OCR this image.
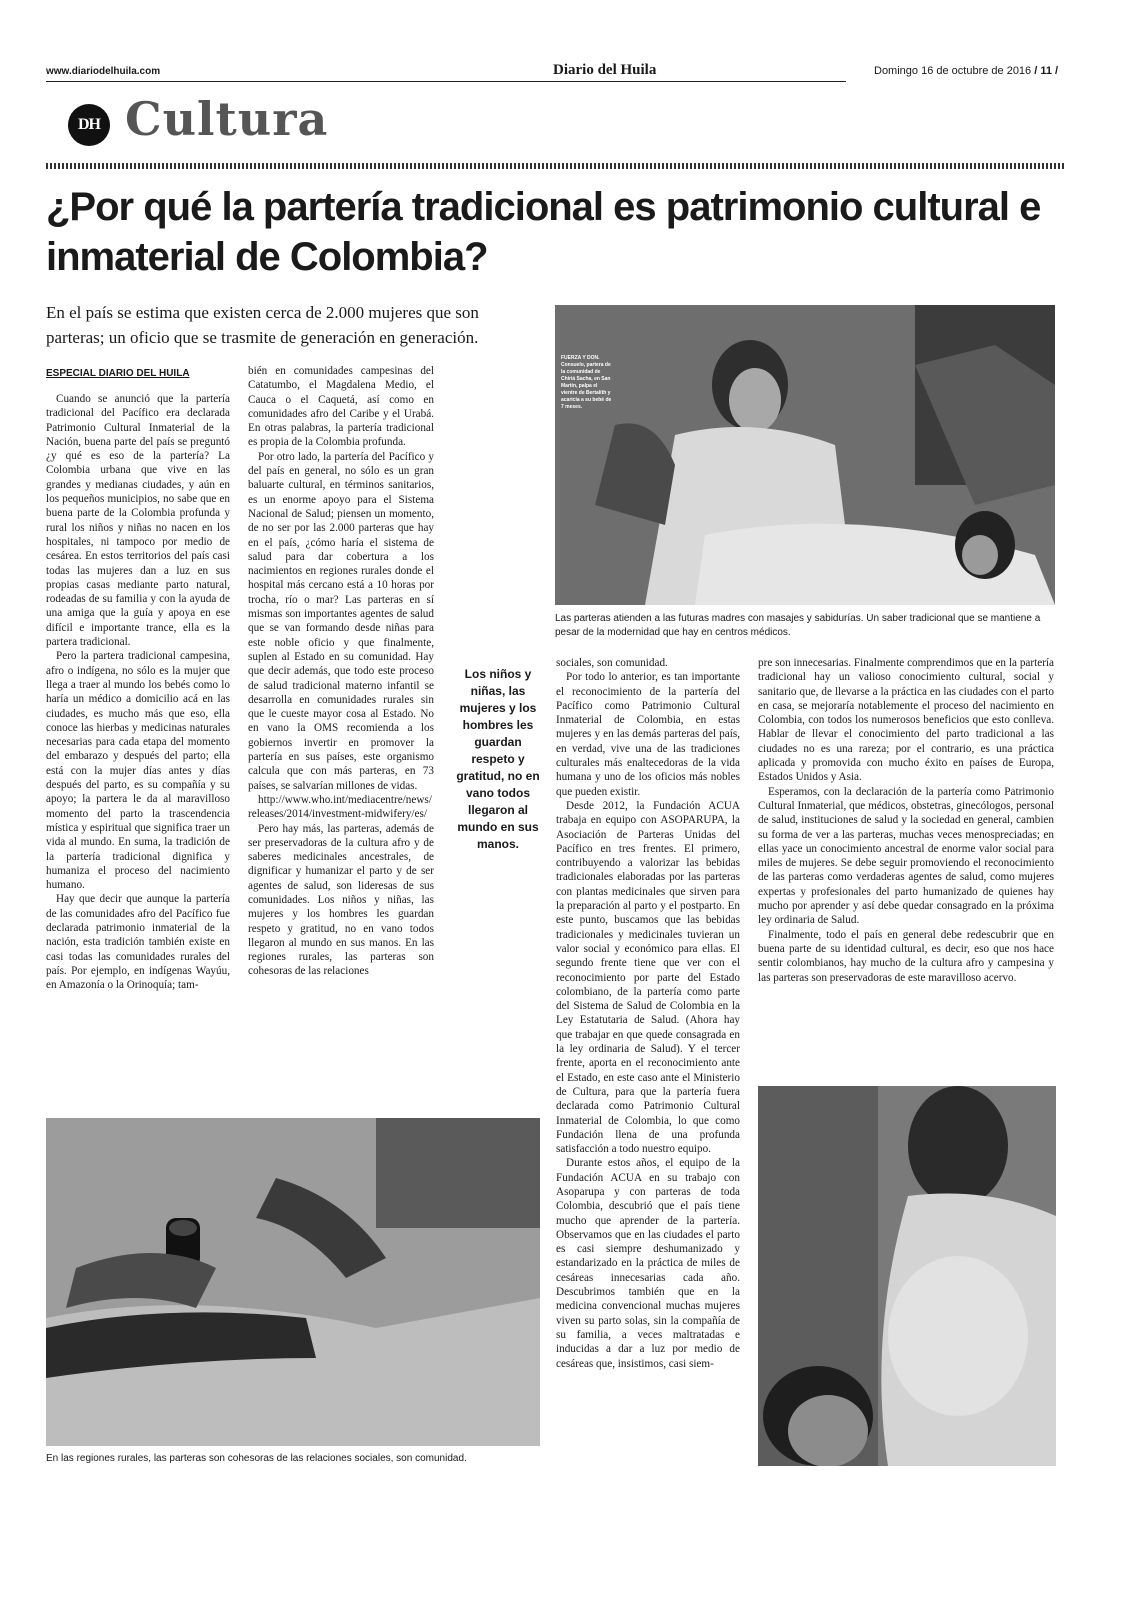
www.diariodelhuila.com	Diario del Huila	Domingo 16 de octubre de 2016 / 11 /
DH Cultura
¿Por qué la partería tradicional es patrimonio cultural e inmaterial de Colombia?
En el país se estima que existen cerca de 2.000 mujeres que son parteras; un oficio que se trasmite de generación en generación.
ESPECIAL DIARIO DEL HUILA

Cuando se anunció que la partería tradicional del Pacífico era declarada Patrimonio Cultural Inmaterial de la Nación, buena parte del país se preguntó ¿y qué es eso de la partería? La Colombia urbana que vive en las grandes y medianas ciudades, y aún en los pequeños municipios, no sabe que en buena parte de la Colombia profunda y rural los niños y niñas no nacen en los hospitales, ni tampoco por medio de cesárea. En estos territorios del país casi todas las mujeres dan a luz en sus propias casas mediante parto natural, rodeadas de su familia y con la ayuda de una amiga que la guía y apoya en ese difícil e importante trance, ella es la partera tradicional.

Pero la partera tradicional campesina, afro o indígena, no sólo es la mujer que llega a traer al mundo los bebés como lo haría un médico a domicilio acá en las ciudades, es mucho más que eso, ella conoce las hierbas y medicinas naturales necesarias para cada etapa del momento del embarazo y después del parto; ella está con la mujer días antes y días después del parto, es su compañía y su apoyo; la partera le da al maravilloso momento del parto la trascendencia mística y espiritual que significa traer un vida al mundo. En suma, la tradición de la partería tradicional dignifica y humaniza el proceso del nacimiento humano.

Hay que decir que aunque la partería de las comunidades afro del Pacífico fue declarada patrimonio inmaterial de la nación, esta tradición también existe en casi todas las comunidades rurales del país. Por ejemplo, en indígenas Wayúu, en Amazonía o la Orinoquía; tam-

bién en comunidades campesinas del Catatumbo, el Magdalena Medio, el Cauca o el Caquetá, así como en comunidades afro del Caribe y el Urabá. En otras palabras, la partería tradicional es propia de la Colombia profunda.

Por otro lado, la partería del Pacífico y del país en general, no sólo es un gran baluarte cultural, en términos sanitarios, es un enorme apoyo para el Sistema Nacional de Salud; piensen un momento, de no ser por las 2.000 parteras que hay en el país, ¿cómo haría el sistema de salud para dar cobertura a los nacimientos en regiones rurales donde el hospital más cercano está a 10 horas por trocha, río o mar? Las parteras en sí mismas son importantes agentes de salud que se van formando desde niñas para este noble oficio y que finalmente, suplen al Estado en su comunidad. Hay que decir además, que todo este proceso de salud tradicional materno infantil se desarrolla en comunidades rurales sin que le cueste mayor cosa al Estado. No en vano la OMS recomienda a los gobiernos invertir en promover la partería en sus países, este organismo calcula que con más parteras, en 73 países, se salvarían millones de vidas.

http://www.who.int/mediacentre/news/releases/2014/investment-midwifery/es/

Pero hay más, las parteras, además de ser preservadoras de la cultura afro y de saberes medicinales ancestrales, de dignificar y humanizar el parto y de ser agentes de salud, son lideresas de sus comunidades. Los niños y niñas, las mujeres y los hombres les guardan respeto y gratitud, no en vano todos llegaron al mundo en sus manos. En las regiones rurales, las parteras son cohesoras de las relaciones

Los niños y niñas, las mujeres y los hombres les guardan respeto y gratitud, no en vano todos llegaron al mundo en sus manos.
FUERZA Y DON. Consuelo, partera de la comunidad de Chiriá Sacha, en San Martín, palpa el vientre de Bertalith y acaricia a su bebé de 7 meses.
Las parteras atienden a las futuras madres con masajes y sabidurías. Un saber tradicional que se mantiene a pesar de la modernidad que hay en centros médicos.

sociales, son comunidad.

Por todo lo anterior, es tan importante el reconocimiento de la partería del Pacífico como Patrimonio Cultural Inmaterial de Colombia, en estas mujeres y en las demás parteras del país, en verdad, vive una de las tradiciones culturales más enaltecedoras de la vida humana y uno de los oficios más nobles que pueden existir.

Desde 2012, la Fundación ACUA trabaja en equipo con ASOPARUPA, la Asociación de Parteras Unidas del Pacífico en tres frentes. El primero, contribuyendo a valorizar las bebidas tradicionales elaboradas por las parteras con plantas medicinales que sirven para la preparación al parto y el postparto. En este punto, buscamos que las bebidas tradicionales y medicinales tuvieran un valor social y económico para ellas. El segundo frente tiene que ver con el reconocimiento por parte del Estado colombiano, de la partería como parte del Sistema de Salud de Colombia en la Ley Estatutaria de Salud. (Ahora hay que trabajar en que quede consagrada en la ley ordinaria de Salud). Y el tercer frente, aporta en el reconocimiento ante el Estado, en este caso ante el Ministerio de Cultura, para que la partería fuera declarada como Patrimonio Cultural Inmaterial de Colombia, lo que como Fundación llena de una profunda satisfacción a todo nuestro equipo.

Durante estos años, el equipo de la Fundación ACUA en su trabajo con Asoparupa y con parteras de toda Colombia, descubrió que el país tiene mucho que aprender de la partería. Observamos que en las ciudades el parto es casi siempre deshumanizado y estandarizado en la práctica de miles de cesáreas innecesarias cada año. Descubrimos también que en la medicina convencional muchas mujeres viven su parto solas, sin la compañía de su familia, a veces maltratadas e inducidas a dar a luz por medio de cesáreas que, insistimos, casi siem-

pre son innecesarias. Finalmente comprendimos que en la partería tradicional hay un valioso conocimiento cultural, social y sanitario que, de llevarse a la práctica en las ciudades con el parto en casa, se mejoraría notablemente el proceso del nacimiento en Colombia, con todos los numerosos beneficios que esto conlleva. Hablar de llevar el conocimiento del parto tradicional a las ciudades no es una rareza; por el contrario, es una práctica aplicada y promovida con mucho éxito en países de Europa, Estados Unidos y Asia.

Esperamos, con la declaración de la partería como Patrimonio Cultural Inmaterial, que médicos, obstetras, ginecólogos, personal de salud, instituciones de salud y la sociedad en general, cambien su forma de ver a las parteras, muchas veces menospreciadas; en ellas yace un conocimiento ancestral de enorme valor social para miles de mujeres. Se debe seguir promoviendo el reconocimiento de las parteras como verdaderas agentes de salud, como mujeres expertas y profesionales del parto humanizado de quienes hay mucho por aprender y así debe quedar consagrado en la próxima ley ordinaria de Salud.

Finalmente, todo el país en general debe redescubrir que en buena parte de su identidad cultural, es decir, eso que nos hace sentir colombianos, hay mucho de la cultura afro y campesina y las parteras son preservadoras de este maravilloso acervo.

En las regiones rurales, las parteras son cohesoras de las relaciones sociales, son comunidad.
